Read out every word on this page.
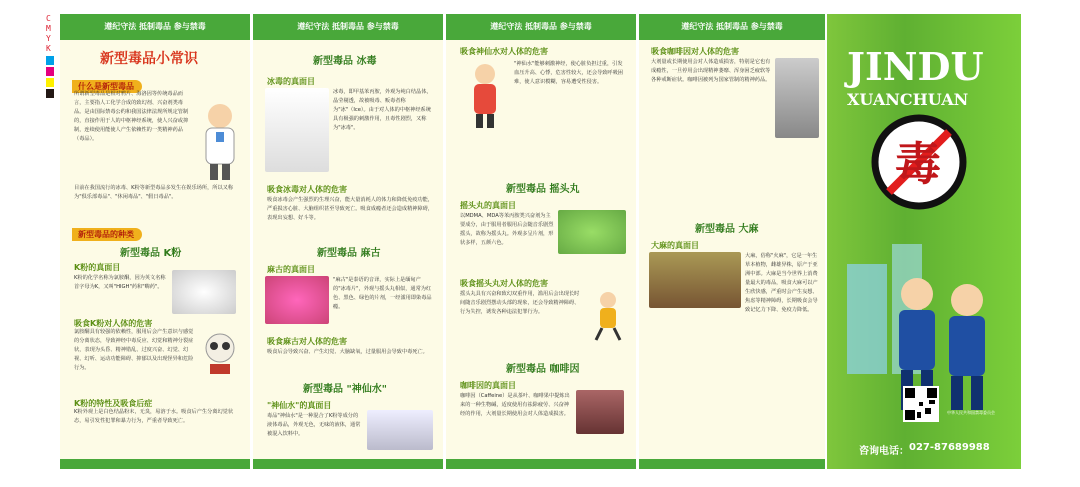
C
M
Y
K
遵纪守法 抵制毒品 参与禁毒
新型毒品小常识
什么是新型毒品
所谓新型毒品是相对鸦片、海洛因等传统毒品而言，主要指人工化学合成的致幻剂、兴奋剂类毒品。是由国际禁毒公约和我国法律法规所规定管制的，直接作用于人的中枢神经系统，使人兴奋或抑制，连续使用能使人产生依赖性的一类精神药品（毒品）。
目前在我国流行的冰毒、K粉等新型毒品多发生在娱乐场所，所以又称为"俱乐部毒品"、"休闲毒品"、"假日毒品"。
新型毒品的种类
新型毒品 K粉
K粉的真面目
K粉的化学名称为氯胺酮，因为英文名称首字母为K，又叫"HIGH"药和"嗨药"。
吸食K粉对人体的危害
氯胺酮具有较强的依赖性，服用后会产生意识与感觉的分离状态，导致神经中毒反应、幻觉和精神分裂症状，表现为头昏、精神错乱、过度兴奋、幻觉、幻视、幻听、运动功能障碍、抑郁以及出现怪异和危险行为。
K粉的特性及吸食后症
K粉外观上是白色结晶粉末，无臭，易溶于水。吸食后产生分离幻觉状态，易引发性犯罪和暴力行为，严重者导致死亡。
遵纪守法 抵制毒品 参与禁毒
新型毒品 冰毒
冰毒的真面目
冰毒，即甲基苯丙胺，外观为纯白结晶体，晶莹剔透，故被吸毒、贩毒者称为"冰"（Ice）。由于对人体的中枢神经系统具有极强的刺激作用，且毒性剧烈，又称为"冰毒"。
吸食冰毒对人体的危害
吸食冰毒会产生强烈的生理兴奋，能大量消耗人的体力和降低免疫功能，严重损害心脏、大脑组织甚至导致死亡。吸食成瘾者还会造成精神障碍，表现出妄想、好斗等。
新型毒品 麻古
麻古的真面目
"麻古"是泰语的音译，实际上是缅甸产的"冰毒片"，外观与摇头丸相似，通常为红色、黑色、绿色的片剂，一经滥用即染毒品瘾。
吸食麻古对人体的危害
吸食后会导致兴奋、产生幻觉、大脑缺氧，过量服用会导致中毒死亡。
新型毒品 "神仙水"
"神仙水"的真面目
毒品"神仙水"是一种混合了K粉等成分的液体毒品，外观无色，无味的液体，通常被混入饮料中。
遵纪守法 抵制毒品 参与禁毒
吸食神仙水对人体的危害
"神仙水"能够刺激神经，使心脏负担过重，引发血压升高、心悸，危害性较大，还会导致呼吸困难，使人意识模糊，容易遭受性侵害。
新型毒品 摇头丸
摇头丸的真面目
以MDMA、MDA等苯丙胺类兴奋剂为主要成分，由于服用者服用后会随音乐剧烈摇头，故称为摇头丸。外观多呈片剂，形状多样，五颜六色。
吸食摇头丸对人体的危害
摇头丸具有兴奋和致幻双重作用，滥用后会出现长时间随音乐剧烈摆动头部的现象，还会导致精神障碍、行为失控，诱发各种违法犯罪行为。
新型毒品 咖啡因
咖啡因的真面目
咖啡因（Caffeine）是从茶叶、咖啡果中提炼出来的一种生物碱，适度使用有祛除疲劳、兴奋神经的作用，大剂量长期使用会对人体造成损害。
遵纪守法 抵制毒品 参与禁毒
吸食咖啡因对人体的危害
大剂量或长期使用会对人体造成损害，特别是它也有成瘾性，一旦停用会出现精神萎靡、浑身困乏疲软等各种戒断症状。咖啡因被列为国家管制的精神药品。
新型毒品 大麻
大麻的真面目
大麻，俗称"火麻"，它是一年生草本植物，雌雄异株，原产于亚洲中部。大麻是当今世界上消费量最大的毒品，吸食大麻可以产生欣快感，严重时会产生妄想、焦虑等精神障碍，长期吸食会导致记忆力下降、免疫力降低。
JINDU
XUANCHUAN
毒
中华人民共和国禁毒委员会
咨询电话： 027-87689988
